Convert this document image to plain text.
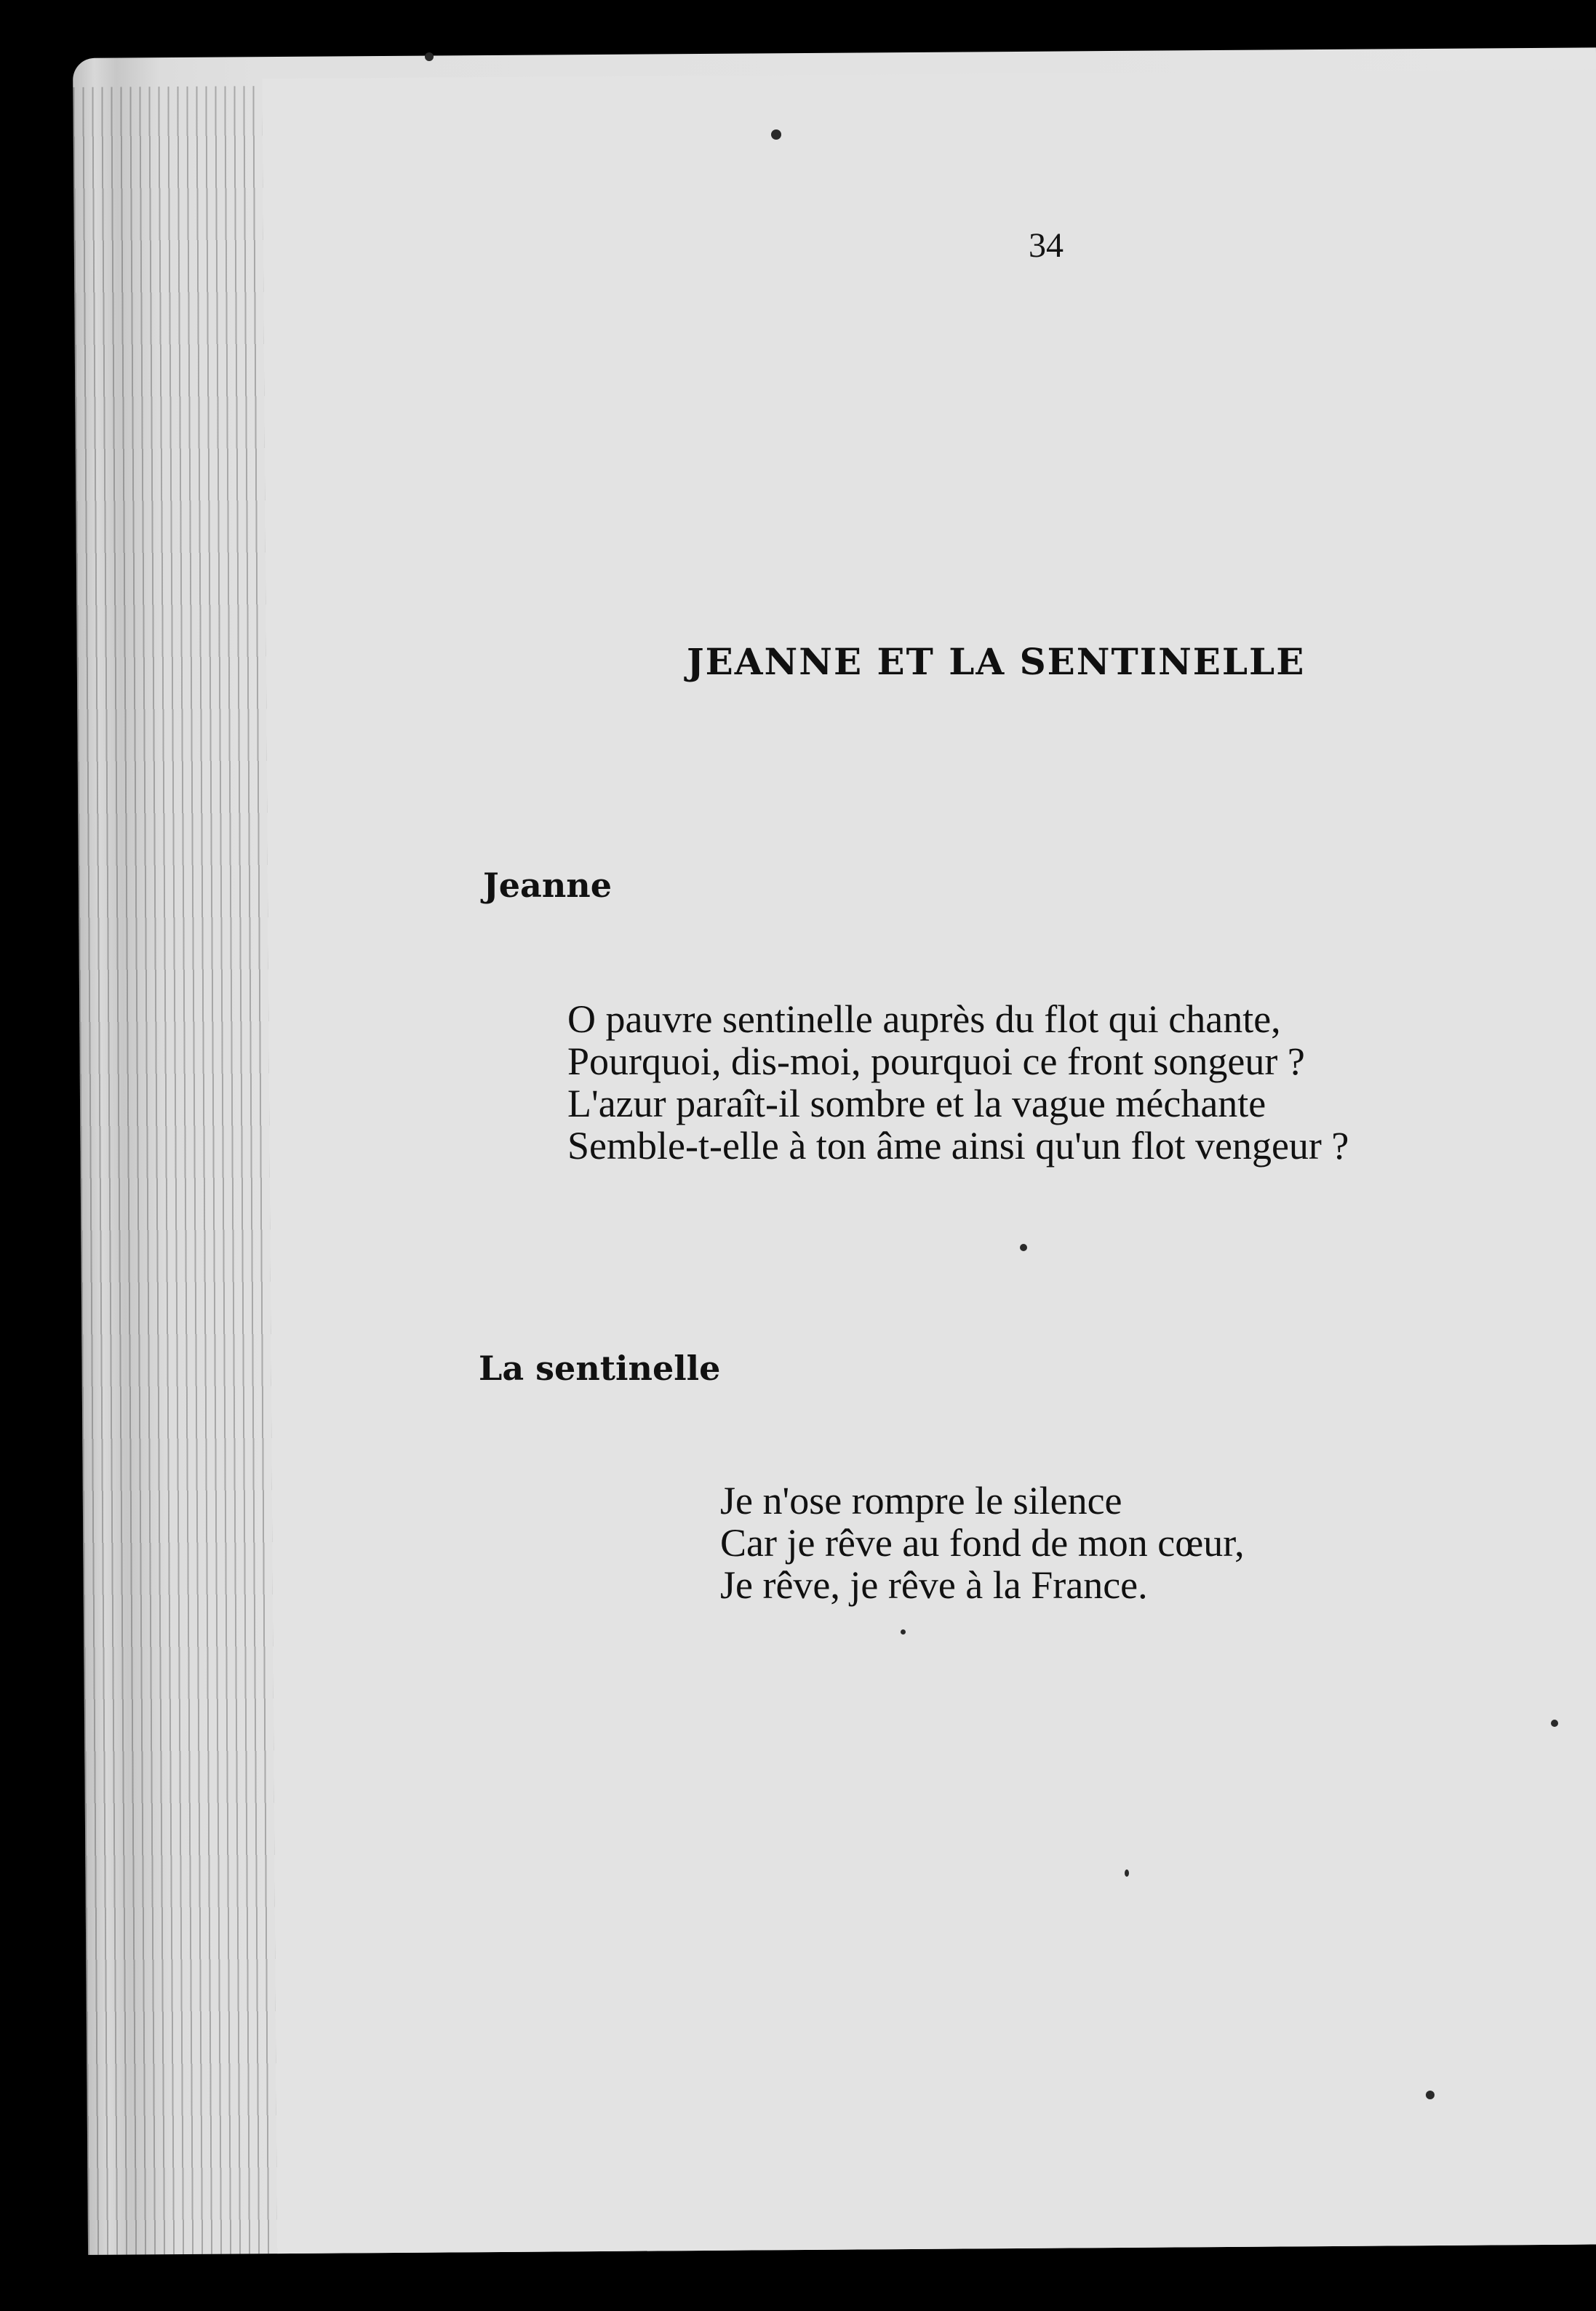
34
JEANNE ET LA SENTINELLE
Jeanne
O pauvre sentinelle auprès du flot qui chante,
Pourquoi, dis-moi, pourquoi ce front songeur ?
L'azur paraît-il sombre et la vague méchante
Semble-t-elle à ton âme ainsi qu'un flot vengeur ?
La sentinelle
Je n'ose rompre le silence
Car je rêve au fond de mon cœur,
Je rêve, je rêve à la France.
